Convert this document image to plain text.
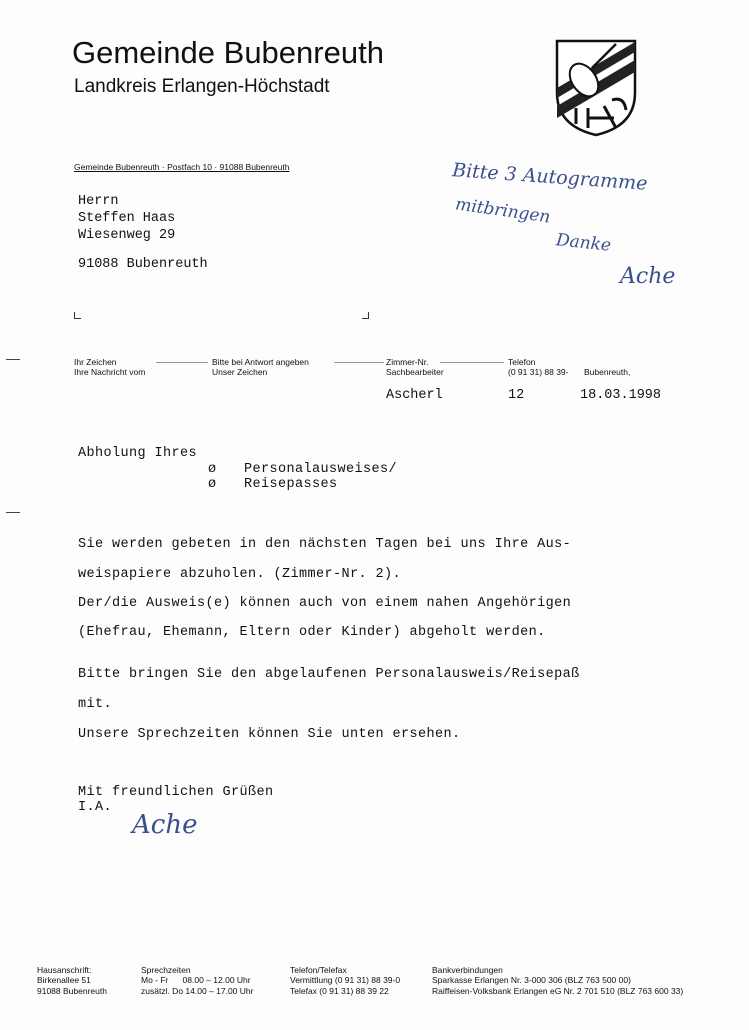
Gemeinde Bubenreuth
Landkreis Erlangen-Höchstadt
Gemeinde Bubenreuth · Postfach 10 · 91088 Bubenreuth
Herrn
Steffen Haas
Wiesenweg 29
91088 Bubenreuth
Bitte 3 Autogramme
mitbringen
Danke
Ache
Ihr Zeichen
Ihre Nachricht vom
Bitte bei Antwort angeben
Unser Zeichen
Zimmer-Nr.
Sachbearbeiter
Telefon
(0 91 31) 88 39- Bubenreuth,
Ascherl	12	18.03.1998
Abholung Ihres
ø Personalausweises/
ø Reisepasses
Sie werden gebeten in den nächsten Tagen bei uns Ihre Aus-
weispapiere abzuholen. (Zimmer-Nr. 2).
Der/die Ausweis(e) können auch von einem nahen Angehörigen
(Ehefrau, Ehemann, Eltern oder Kinder) abgeholt werden.
Bitte bringen Sie den abgelaufenen Personalausweis/Reisepaß
mit.
Unsere Sprechzeiten können Sie unten ersehen.
Mit freundlichen Grüßen
I.A.
Ache
Hausanschrift:
Birkenallee 51
91088 Bubenreuth
Sprechzeiten
Mo - Fr      08.00 – 12.00 Uhr
zusätzl. Do 14.00 – 17.00 Uhr
Telefon/Telefax
Vermittlung (0 91 31) 88 39-0
Telefax (0 91 31) 88 39 22
Bankverbindungen
Sparkasse Erlangen Nr. 3-000 306 (BLZ 763 500 00)
Raiffeisen-Volksbank Erlangen eG Nr. 2 701 510 (BLZ 763 600 33)
